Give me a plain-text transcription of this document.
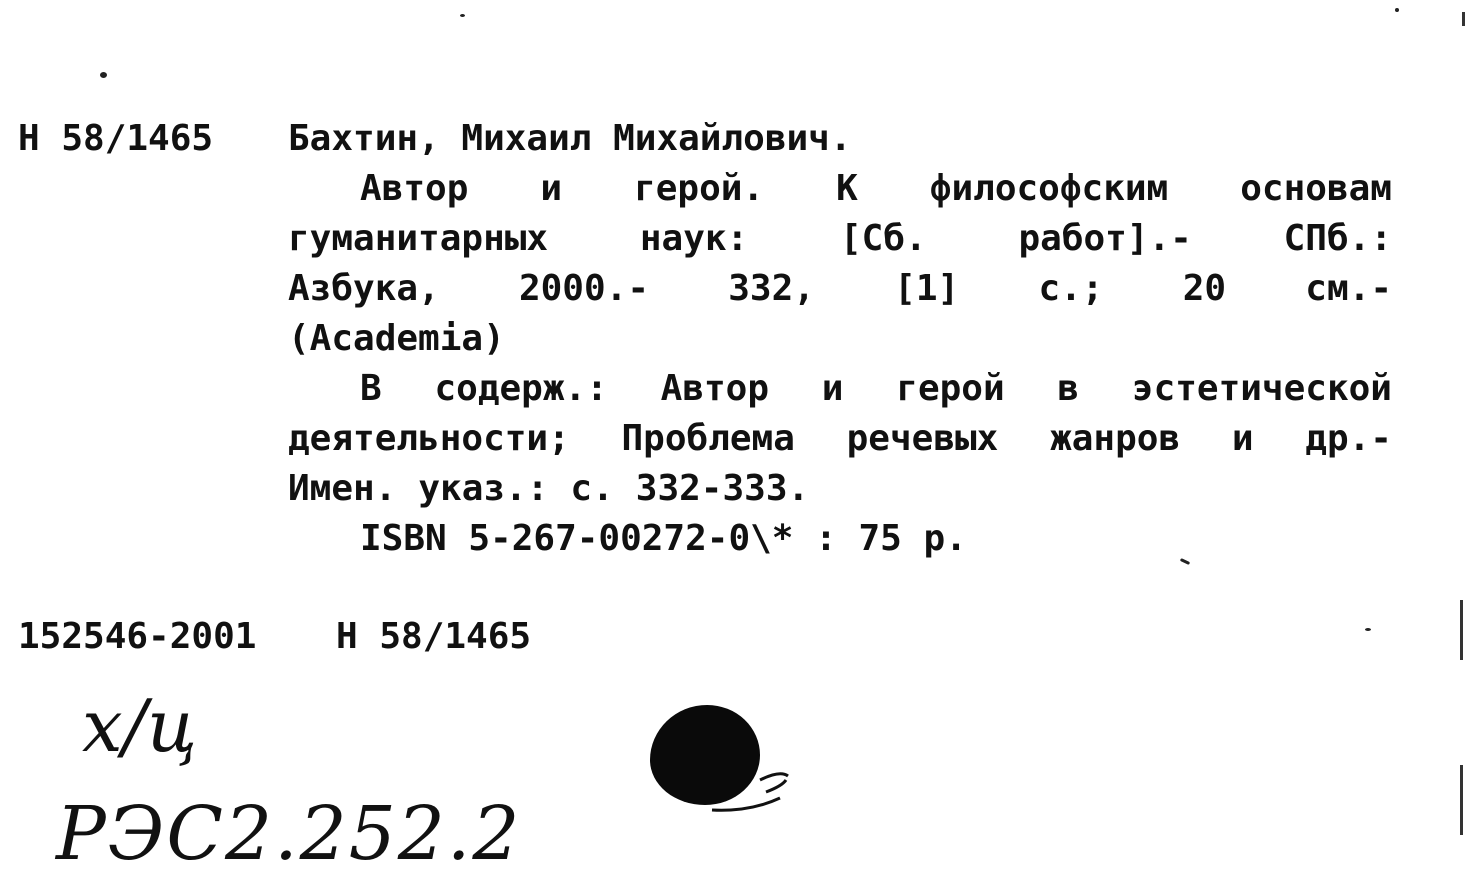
Н 58/1465 Бахтин, Михаил Михайлович.
Автор и герой. К философским основам
гуманитарных	наук:	[Сб.	работ].-	СПб.:
Азбука, 2000.- 332, [1] с.; 20 см.-
(Academia)
В содерж.: Автор и герой в эстетической
деятельности; Проблема речевых жанров и др.-
Имен. указ.: с. 332-333.
ISBN 5-267-00272-0\* : 75 р.
152546-2001 Н 58/1465
х/ц
РЭС2.252.2
